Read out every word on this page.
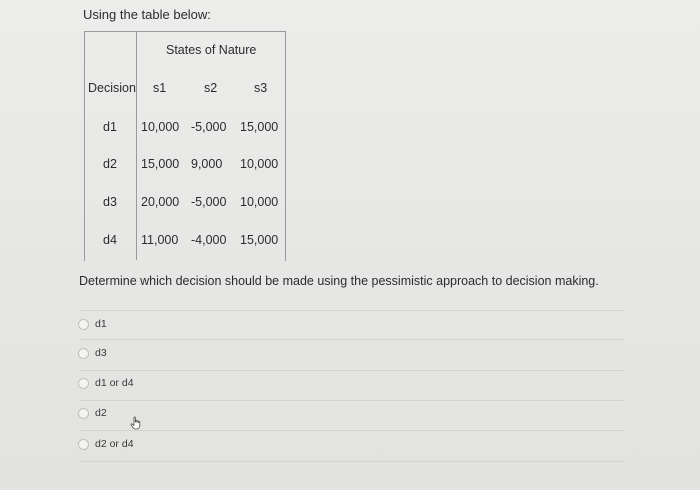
Using the table below:
States of Nature
Decision s1	s2	s3
d1 10,000 -5,000 15,000
d2 15,000 9,000 10,000
d3 20,000 -5,000 10,000
d4 11,000 -4,000 15,000
Determine which decision should be made using the pessimistic approach to decision making.
d1
d3
d1 or d4
d2
d2 or d4
